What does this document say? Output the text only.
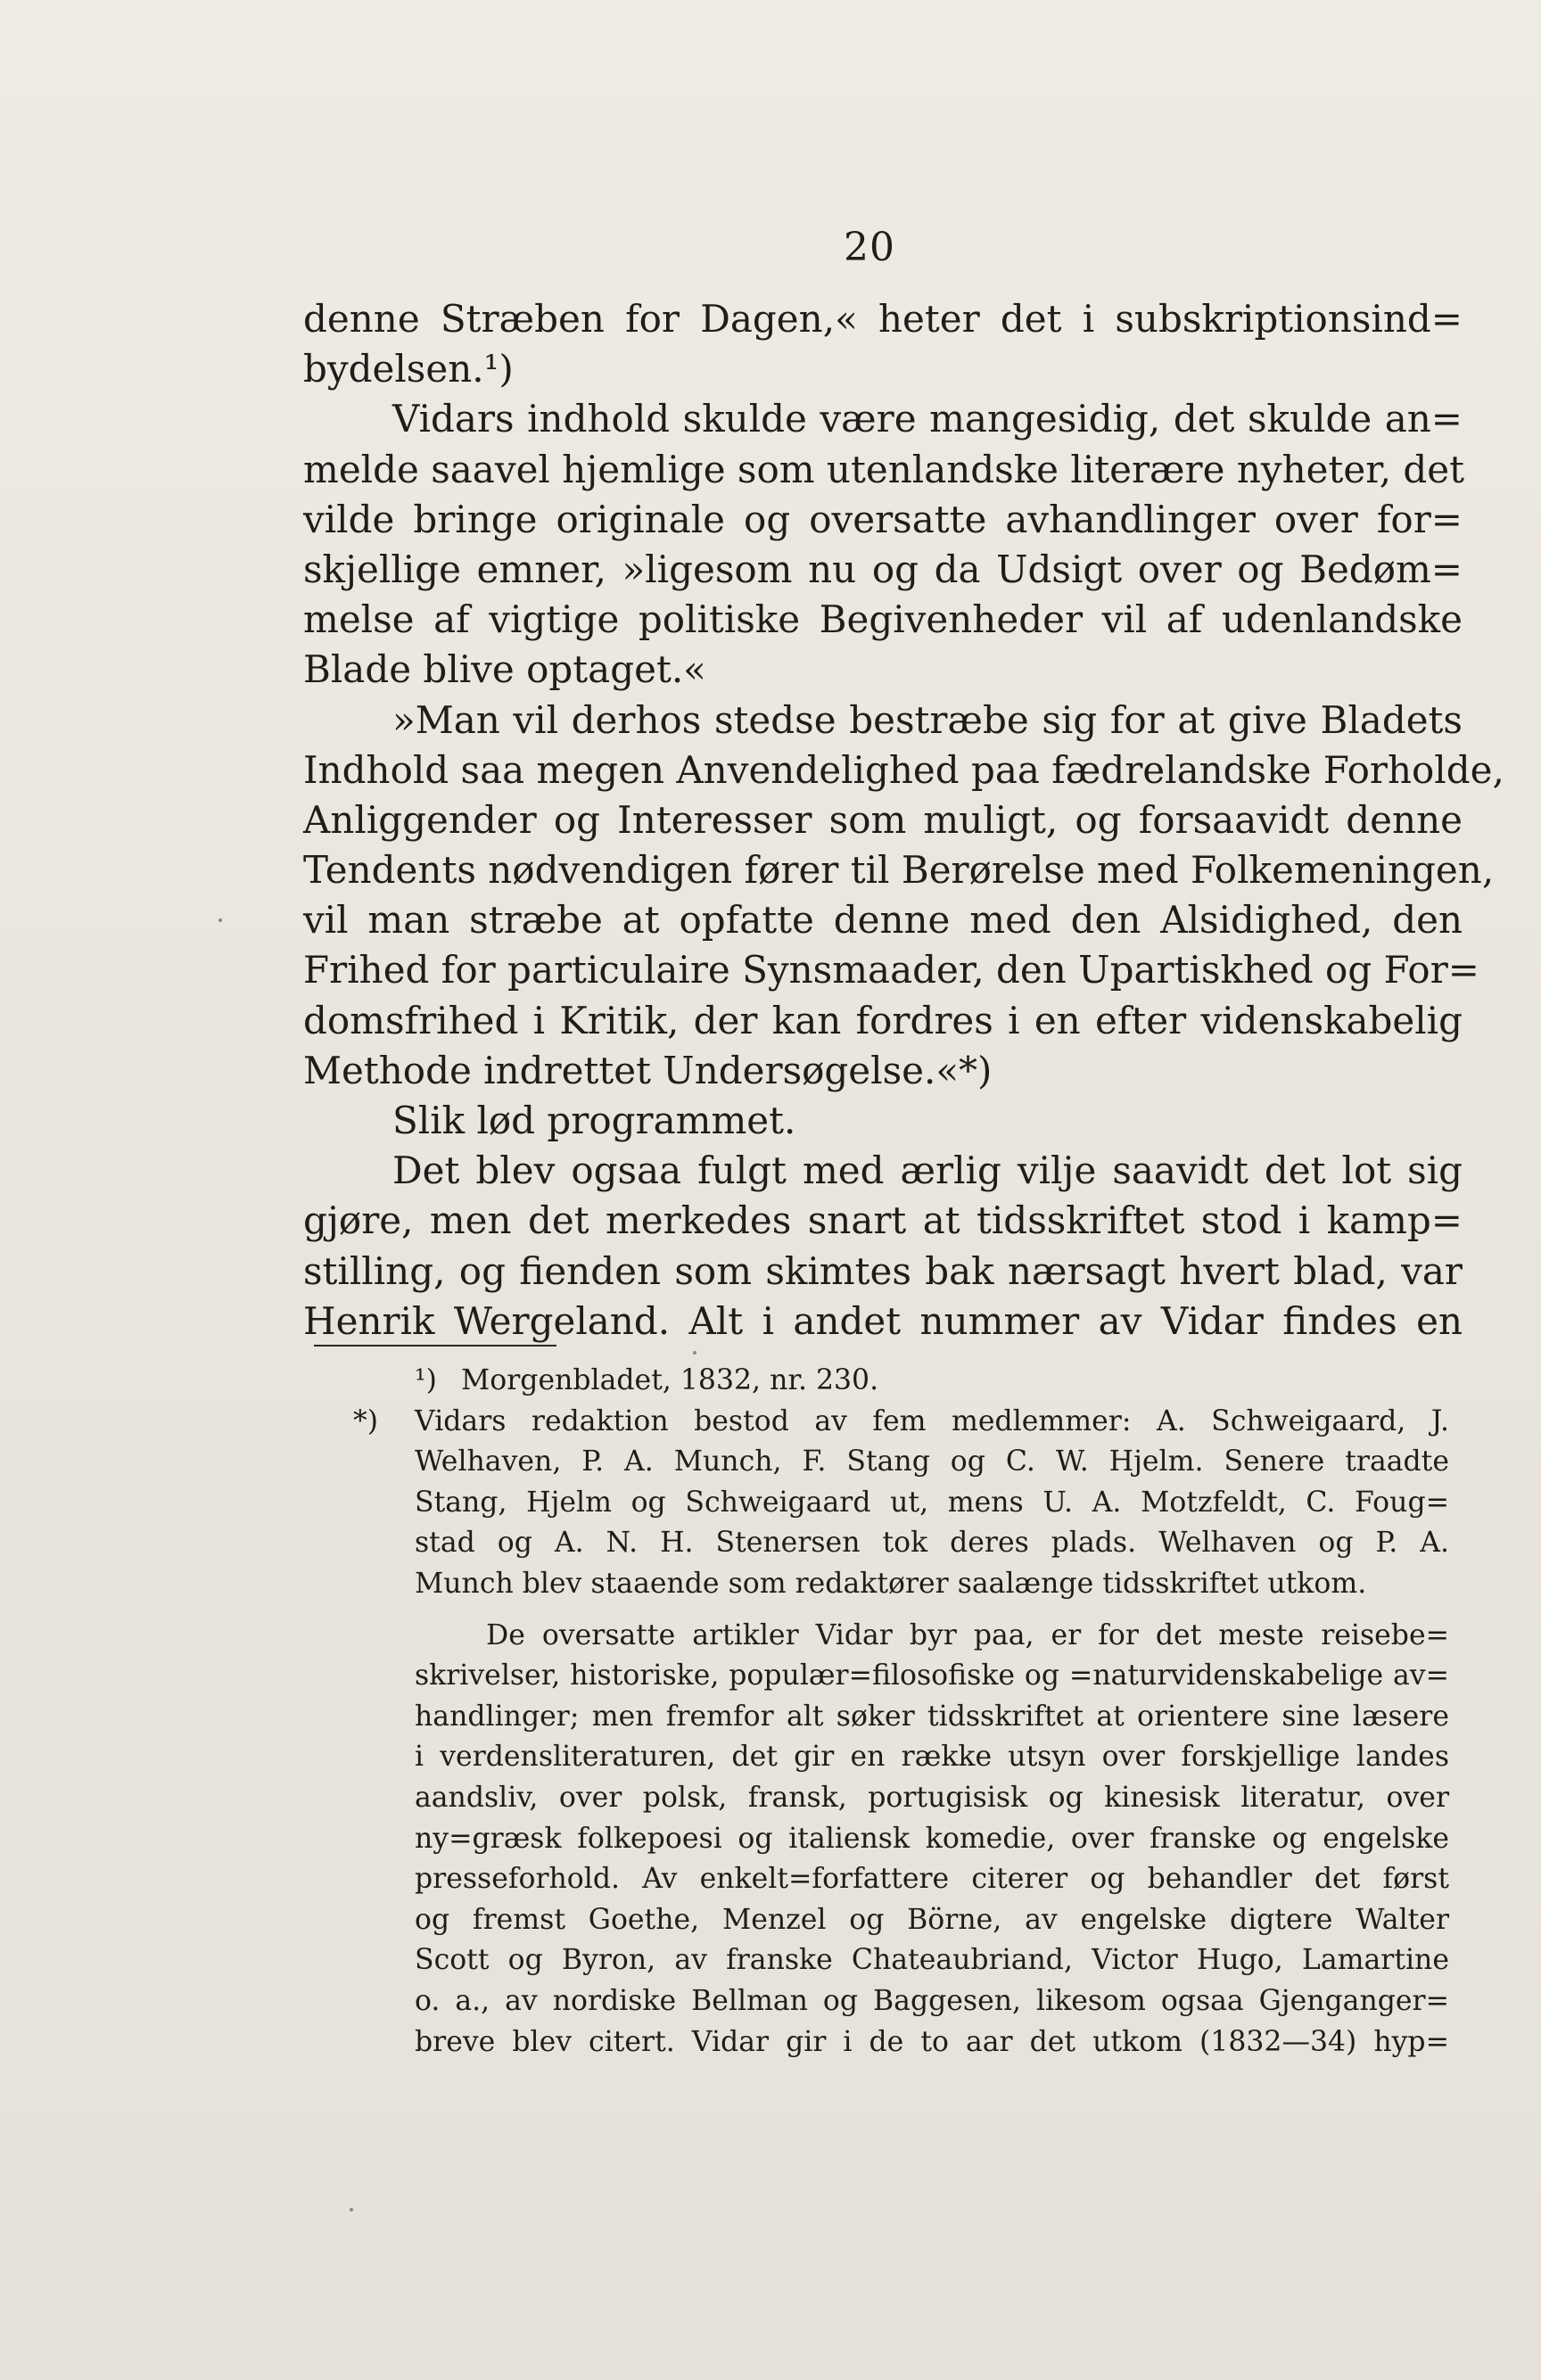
20
denne Stræben for Dagen,« heter det i subskriptionsind=
bydelsen.¹)
Vidars indhold skulde være mangesidig, det skulde an=
melde saavel hjemlige som utenlandske literære nyheter, det
vilde bringe originale og oversatte avhandlinger over for=
skjellige emner, »ligesom nu og da Udsigt over og Bedøm=
melse af vigtige politiske Begivenheder vil af udenlandske
Blade blive optaget.«
»Man vil derhos stedse bestræbe sig for at give Bladets
Indhold saa megen Anvendelighed paa fædrelandske Forholde,
Anliggender og Interesser som muligt, og forsaavidt denne
Tendents nødvendigen fører til Berørelse med Folkemeningen,
vil man stræbe at opfatte denne med den Alsidighed, den
Frihed for particulaire Synsmaader, den Upartiskhed og For=
domsfrihed i Kritik, der kan fordres i en efter videnskabelig
Methode indrettet Undersøgelse.«*)
Slik lød programmet.
Det blev ogsaa fulgt med ærlig vilje saavidt det lot sig
gjøre, men det merkedes snart at tidsskriftet stod i kamp=
stilling, og fienden som skimtes bak nærsagt hvert blad, var
Henrik Wergeland. Alt i andet nummer av Vidar findes en
¹)
*)
Morgenbladet, 1832, nr. 230.
Vidars redaktion bestod av fem medlemmer: A. Schweigaard, J.
Welhaven, P. A. Munch, F. Stang og C. W. Hjelm. Senere traadte
Stang, Hjelm og Schweigaard ut, mens U. A. Motzfeldt, C. Foug=
stad og A. N. H. Stenersen tok deres plads. Welhaven og P. A.
Munch blev staaende som redaktører saalænge tidsskriftet utkom.
De oversatte artikler Vidar byr paa, er for det meste reisebe=
skrivelser, historiske, populær=filosofiske og =naturvidenskabelige av=
handlinger; men fremfor alt søker tidsskriftet at orientere sine læsere
i verdensliteraturen, det gir en række utsyn over forskjellige landes
aandsliv, over polsk, fransk, portugisisk og kinesisk literatur, over
ny=græsk folkepoesi og italiensk komedie, over franske og engelske
presseforhold. Av enkelt=forfattere citerer og behandler det først
og fremst Goethe, Menzel og Börne, av engelske digtere Walter
Scott og Byron, av franske Chateaubriand, Victor Hugo, Lamartine
o. a., av nordiske Bellman og Baggesen, likesom ogsaa Gjenganger=
breve blev citert. Vidar gir i de to aar det utkom (1832—34) hyp=
